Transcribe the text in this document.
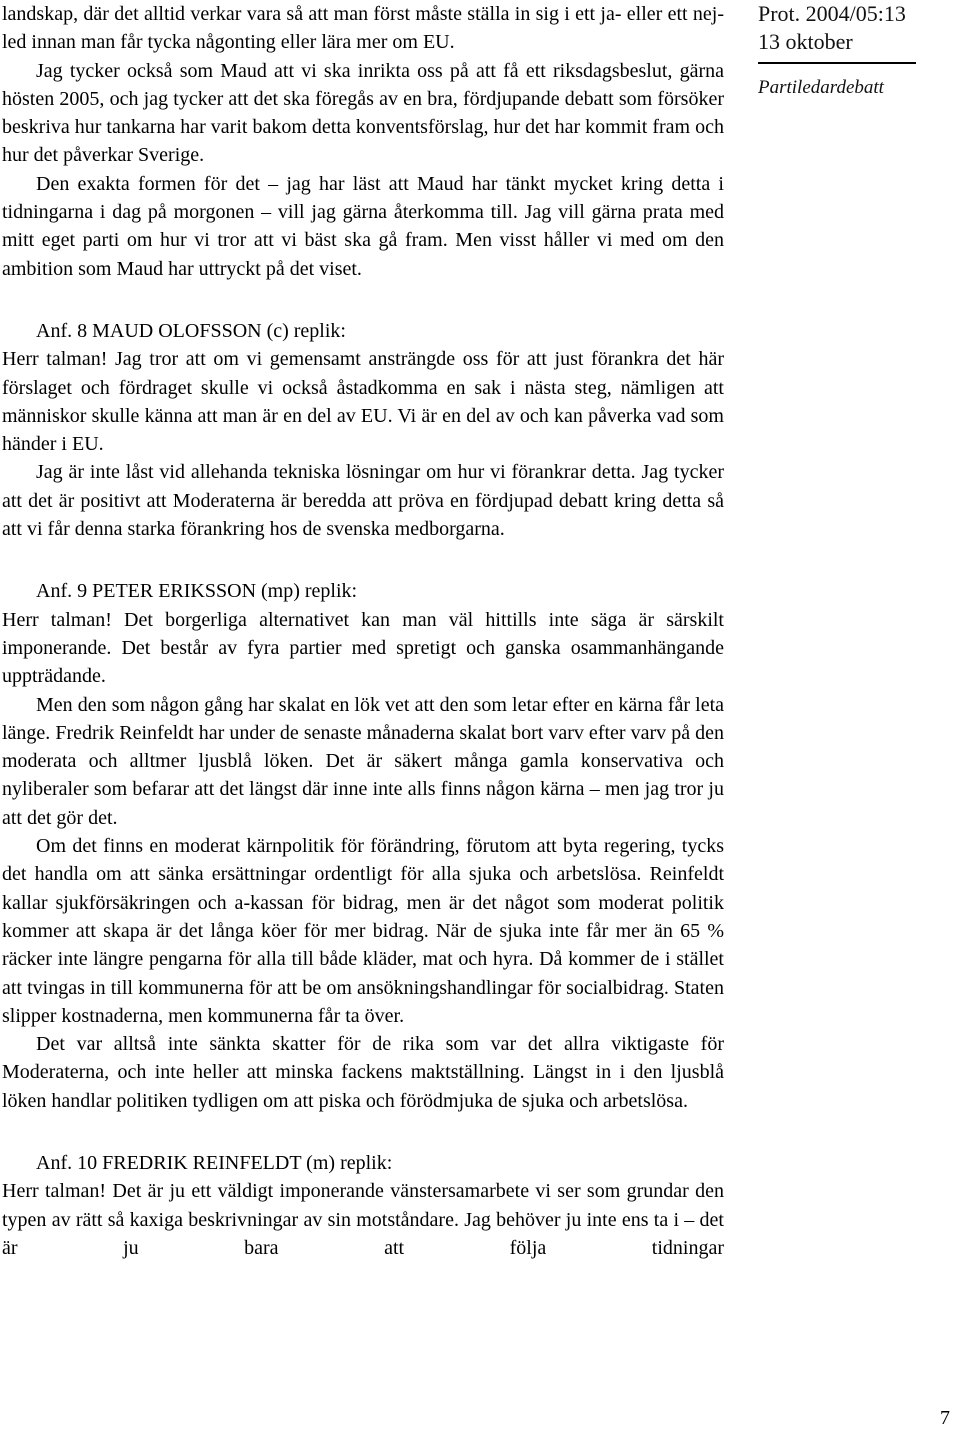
landskap, där det alltid verkar vara så att man först måste ställa in sig i ett ja- eller ett nej-led innan man får tycka någonting eller lära mer om EU.

Jag tycker också som Maud att vi ska inrikta oss på att få ett riksdagsbeslut, gärna hösten 2005, och jag tycker att det ska föregås av en bra, fördjupande debatt som försöker beskriva hur tankarna har varit bakom detta konventsförslag, hur det har kommit fram och hur det påverkar Sverige.

Den exakta formen för det – jag har läst att Maud har tänkt mycket kring detta i tidningarna i dag på morgonen – vill jag gärna återkomma till. Jag vill gärna prata med mitt eget parti om hur vi tror att vi bäst ska gå fram. Men visst håller vi med om den ambition som Maud har uttryckt på det viset.

Anf. 8 MAUD OLOFSSON (c) replik:

Herr talman! Jag tror att om vi gemensamt ansträngde oss för att just förankra det här förslaget och fördraget skulle vi också åstadkomma en sak i nästa steg, nämligen att människor skulle känna att man är en del av EU. Vi är en del av och kan påverka vad som händer i EU.

Jag är inte låst vid allehanda tekniska lösningar om hur vi förankrar detta. Jag tycker att det är positivt att Moderaterna är beredda att pröva en fördjupad debatt kring detta så att vi får denna starka förankring hos de svenska medborgarna.

Anf. 9 PETER ERIKSSON (mp) replik:

Herr talman! Det borgerliga alternativet kan man väl hittills inte säga är särskilt imponerande. Det består av fyra partier med spretigt och ganska osammanhängande uppträdande.

Men den som någon gång har skalat en lök vet att den som letar efter en kärna får leta länge. Fredrik Reinfeldt har under de senaste månaderna skalat bort varv efter varv på den moderata och alltmer ljusblå löken. Det är säkert många gamla konservativa och nyliberaler som befarar att det längst där inne inte alls finns någon kärna – men jag tror ju att det gör det.

Om det finns en moderat kärnpolitik för förändring, förutom att byta regering, tycks det handla om att sänka ersättningar ordentligt för alla sjuka och arbetslösa. Reinfeldt kallar sjukförsäkringen och a-kassan för bidrag, men är det något som moderat politik kommer att skapa är det långa köer för mer bidrag. När de sjuka inte får mer än 65 % räcker inte längre pengarna för alla till både kläder, mat och hyra. Då kommer de i stället att tvingas in till kommunerna för att be om ansökningshandlingar för socialbidrag. Staten slipper kostnaderna, men kommunerna får ta över.

Det var alltså inte sänkta skatter för de rika som var det allra viktigaste för Moderaterna, och inte heller att minska fackens maktställning. Längst in i den ljusblå löken handlar politiken tydligen om att piska och förödmjuka de sjuka och arbetslösa.

Anf. 10 FREDRIK REINFELDT (m) replik:

Herr talman! Det är ju ett väldigt imponerande vänstersamarbete vi ser som grundar den typen av rätt så kaxiga beskrivningar av sin motståndare. Jag behöver ju inte ens ta i – det är ju bara att följa tidningar

Prot. 2004/05:13
13 oktober
Partiledardebatt
7
